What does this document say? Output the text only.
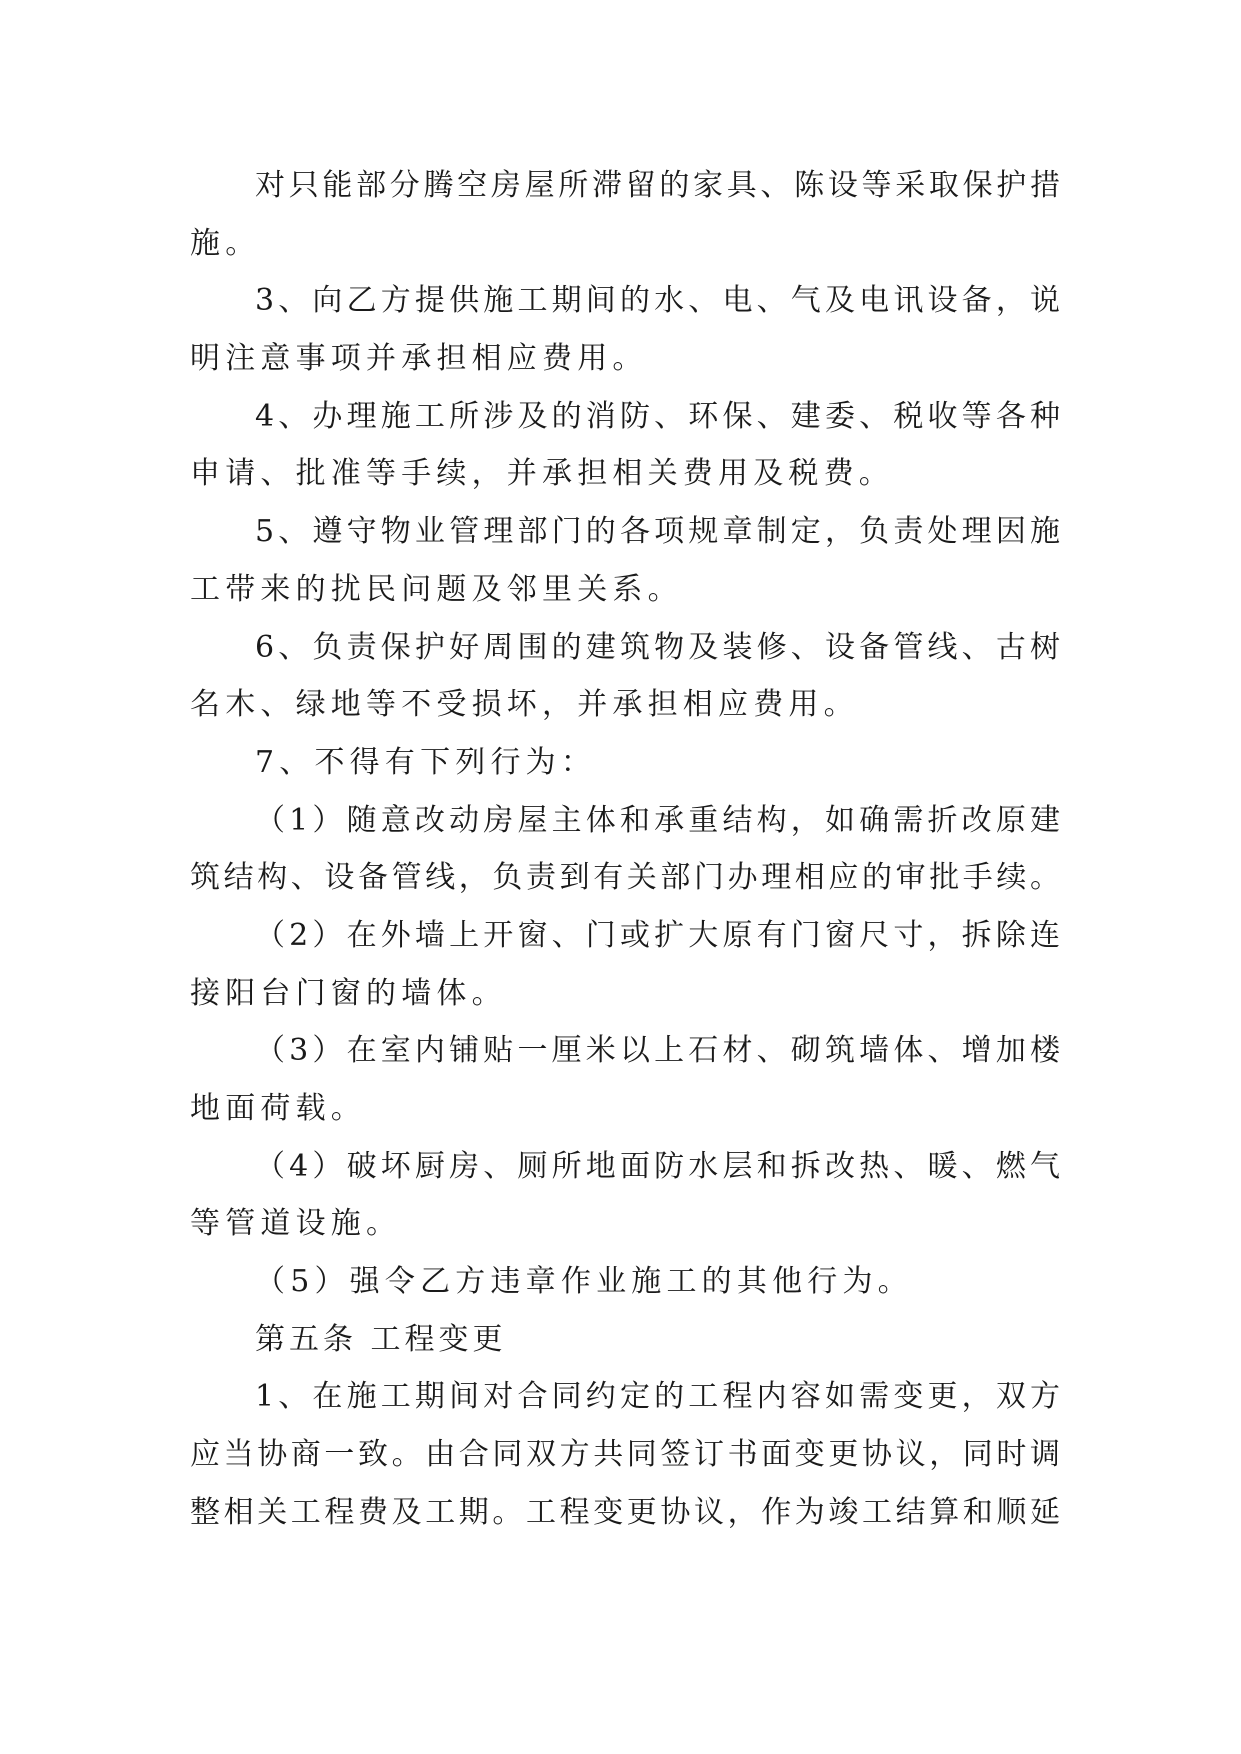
对只能部分腾空房屋所滞留的家具、陈设等采取保护措
施。
3、向乙方提供施工期间的水、电、气及电讯设备，说
明注意事项并承担相应费用。
4、办理施工所涉及的消防、环保、建委、税收等各种
申请、批准等手续，并承担相关费用及税费。
5、遵守物业管理部门的各项规章制定，负责处理因施
工带来的扰民问题及邻里关系。
6、负责保护好周围的建筑物及装修、设备管线、古树
名木、绿地等不受损坏，并承担相应费用。
7、不得有下列行为：
（1）随意改动房屋主体和承重结构，如确需折改原建
筑结构、设备管线，负责到有关部门办理相应的审批手续。
（2）在外墙上开窗、门或扩大原有门窗尺寸，拆除连
接阳台门窗的墙体。
（3）在室内铺贴一厘米以上石材、砌筑墙体、增加楼
地面荷载。
（4）破坏厨房、厕所地面防水层和拆改热、暖、燃气
等管道设施。
（5）强令乙方违章作业施工的其他行为。
第五条 工程变更
1、在施工期间对合同约定的工程内容如需变更，双方
应当协商一致。由合同双方共同签订书面变更协议，同时调
整相关工程费及工期。工程变更协议，作为竣工结算和顺延
